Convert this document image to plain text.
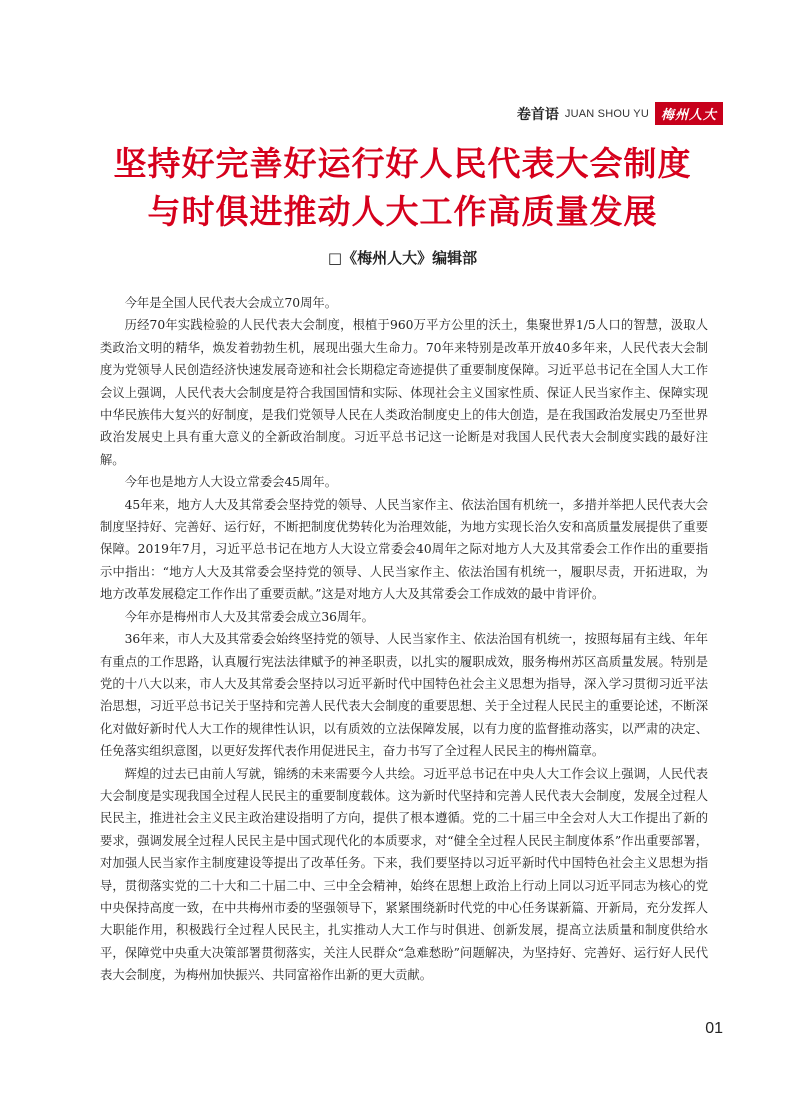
卷首语 JUAN SHOU YU 梅州人大
坚持好完善好运行好人民代表大会制度
与时俱进推动人大工作高质量发展
□《梅州人大》编辑部

今年是全国人民代表大会成立70周年。

历经70年实践检验的人民代表大会制度，根植于960万平方公里的沃土，集聚世界1/5人口的智慧，汲取人类政治文明的精华，焕发着勃勃生机，展现出强大生命力。70年来特别是改革开放40多年来，人民代表大会制度为党领导人民创造经济快速发展奇迹和社会长期稳定奇迹提供了重要制度保障。习近平总书记在全国人大工作会议上强调，人民代表大会制度是符合我国国情和实际、体现社会主义国家性质、保证人民当家作主、保障实现中华民族伟大复兴的好制度，是我们党领导人民在人类政治制度史上的伟大创造，是在我国政治发展史乃至世界政治发展史上具有重大意义的全新政治制度。习近平总书记这一论断是对我国人民代表大会制度实践的最好注解。

今年也是地方人大设立常委会45周年。

45年来，地方人大及其常委会坚持党的领导、人民当家作主、依法治国有机统一，多措并举把人民代表大会制度坚持好、完善好、运行好，不断把制度优势转化为治理效能，为地方实现长治久安和高质量发展提供了重要保障。2019年7月，习近平总书记在地方人大设立常委会40周年之际对地方人大及其常委会工作作出的重要指示中指出：“地方人大及其常委会坚持党的领导、人民当家作主、依法治国有机统一，履职尽责，开拓进取，为地方改革发展稳定工作作出了重要贡献。”这是对地方人大及其常委会工作成效的最中肯评价。

今年亦是梅州市人大及其常委会成立36周年。

36年来，市人大及其常委会始终坚持党的领导、人民当家作主、依法治国有机统一，按照每届有主线、年年有重点的工作思路，认真履行宪法法律赋予的神圣职责，以扎实的履职成效，服务梅州苏区高质量发展。特别是党的十八大以来，市人大及其常委会坚持以习近平新时代中国特色社会主义思想为指导，深入学习贯彻习近平法治思想，习近平总书记关于坚持和完善人民代表大会制度的重要思想、关于全过程人民民主的重要论述，不断深化对做好新时代人大工作的规律性认识，以有质效的立法保障发展，以有力度的监督推动落实，以严肃的决定、任免落实组织意图，以更好发挥代表作用促进民主，奋力书写了全过程人民民主的梅州篇章。

辉煌的过去已由前人写就，锦绣的未来需要今人共绘。习近平总书记在中央人大工作会议上强调，人民代表大会制度是实现我国全过程人民民主的重要制度载体。这为新时代坚持和完善人民代表大会制度，发展全过程人民民主，推进社会主义民主政治建设指明了方向，提供了根本遵循。党的二十届三中全会对人大工作提出了新的要求，强调发展全过程人民民主是中国式现代化的本质要求，对“健全全过程人民民主制度体系”作出重要部署，对加强人民当家作主制度建设等提出了改革任务。下来，我们要坚持以习近平新时代中国特色社会主义思想为指导，贯彻落实党的二十大和二十届二中、三中全会精神，始终在思想上政治上行动上同以习近平同志为核心的党中央保持高度一致，在中共梅州市委的坚强领导下，紧紧围绕新时代党的中心任务谋新篇、开新局，充分发挥人大职能作用，积极践行全过程人民民主，扎实推动人大工作与时俱进、创新发展，提高立法质量和制度供给水平，保障党中央重大决策部署贯彻落实，关注人民群众“急难愁盼”问题解决，为坚持好、完善好、运行好人民代表大会制度，为梅州加快振兴、共同富裕作出新的更大贡献。

01
